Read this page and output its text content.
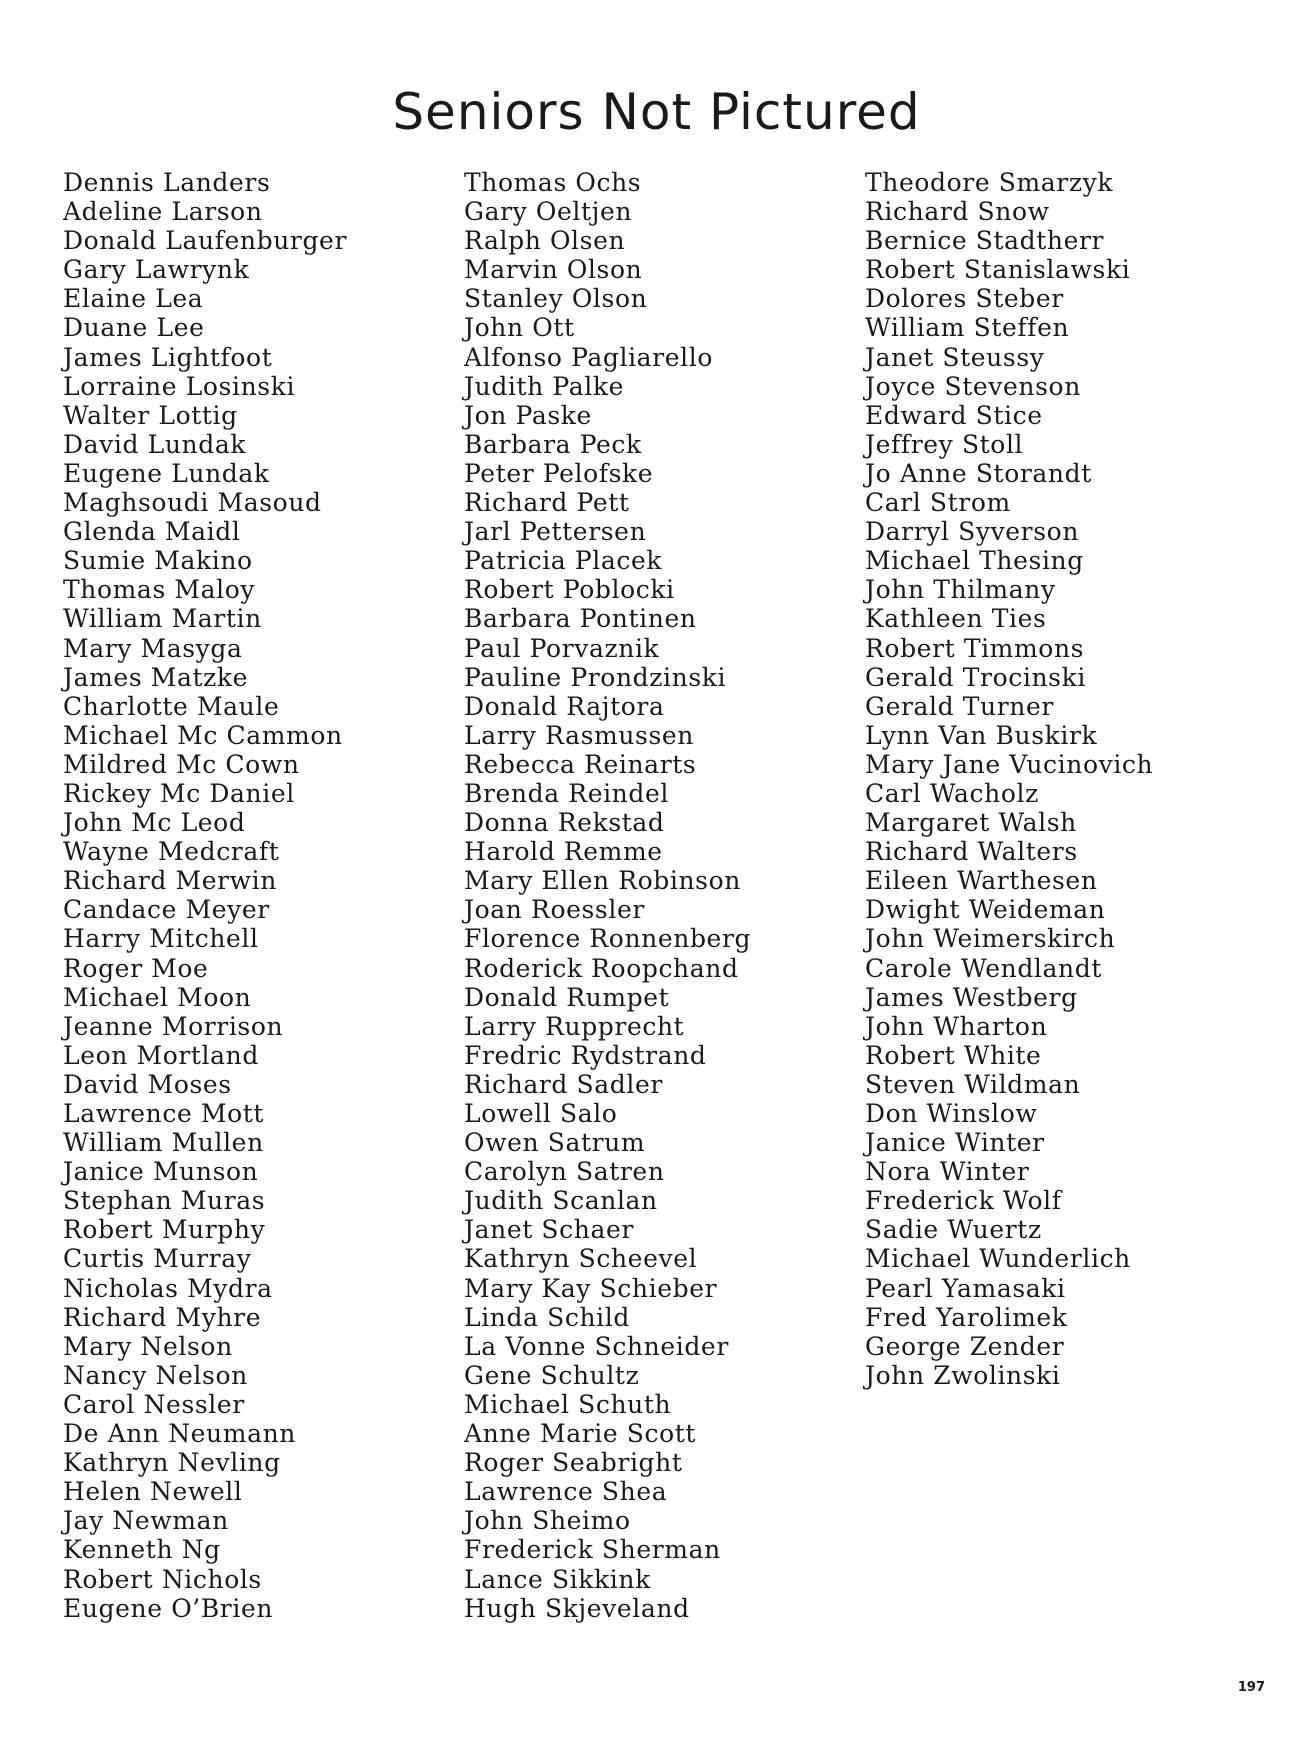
Seniors Not Pictured
Dennis Landers
Adeline Larson
Donald Laufenburger
Gary Lawrynk
Elaine Lea
Duane Lee
James Lightfoot
Lorraine Losinski
Walter Lottig
David Lundak
Eugene Lundak
Maghsoudi Masoud
Glenda Maidl
Sumie Makino
Thomas Maloy
William Martin
Mary Masyga
James Matzke
Charlotte Maule
Michael Mc Cammon
Mildred Mc Cown
Rickey Mc Daniel
John Mc Leod
Wayne Medcraft
Richard Merwin
Candace Meyer
Harry Mitchell
Roger Moe
Michael Moon
Jeanne Morrison
Leon Mortland
David Moses
Lawrence Mott
William Mullen
Janice Munson
Stephan Muras
Robert Murphy
Curtis Murray
Nicholas Mydra
Richard Myhre
Mary Nelson
Nancy Nelson
Carol Nessler
De Ann Neumann
Kathryn Nevling
Helen Newell
Jay Newman
Kenneth Ng
Robert Nichols
Eugene O’Brien
Thomas Ochs
Gary Oeltjen
Ralph Olsen
Marvin Olson
Stanley Olson
John Ott
Alfonso Pagliarello
Judith Palke
Jon Paske
Barbara Peck
Peter Pelofske
Richard Pett
Jarl Pettersen
Patricia Placek
Robert Poblocki
Barbara Pontinen
Paul Porvaznik
Pauline Prondzinski
Donald Rajtora
Larry Rasmussen
Rebecca Reinarts
Brenda Reindel
Donna Rekstad
Harold Remme
Mary Ellen Robinson
Joan Roessler
Florence Ronnenberg
Roderick Roopchand
Donald Rumpet
Larry Rupprecht
Fredric Rydstrand
Richard Sadler
Lowell Salo
Owen Satrum
Carolyn Satren
Judith Scanlan
Janet Schaer
Kathryn Scheevel
Mary Kay Schieber
Linda Schild
La Vonne Schneider
Gene Schultz
Michael Schuth
Anne Marie Scott
Roger Seabright
Lawrence Shea
John Sheimo
Frederick Sherman
Lance Sikkink
Hugh Skjeveland
Theodore Smarzyk
Richard Snow
Bernice Stadtherr
Robert Stanislawski
Dolores Steber
William Steffen
Janet Steussy
Joyce Stevenson
Edward Stice
Jeffrey Stoll
Jo Anne Storandt
Carl Strom
Darryl Syverson
Michael Thesing
John Thilmany
Kathleen Ties
Robert Timmons
Gerald Trocinski
Gerald Turner
Lynn Van Buskirk
Mary Jane Vucinovich
Carl Wacholz
Margaret Walsh
Richard Walters
Eileen Warthesen
Dwight Weideman
John Weimerskirch
Carole Wendlandt
James Westberg
John Wharton
Robert White
Steven Wildman
Don Winslow
Janice Winter
Nora Winter
Frederick Wolf
Sadie Wuertz
Michael Wunderlich
Pearl Yamasaki
Fred Yarolimek
George Zender
John Zwolinski
197
